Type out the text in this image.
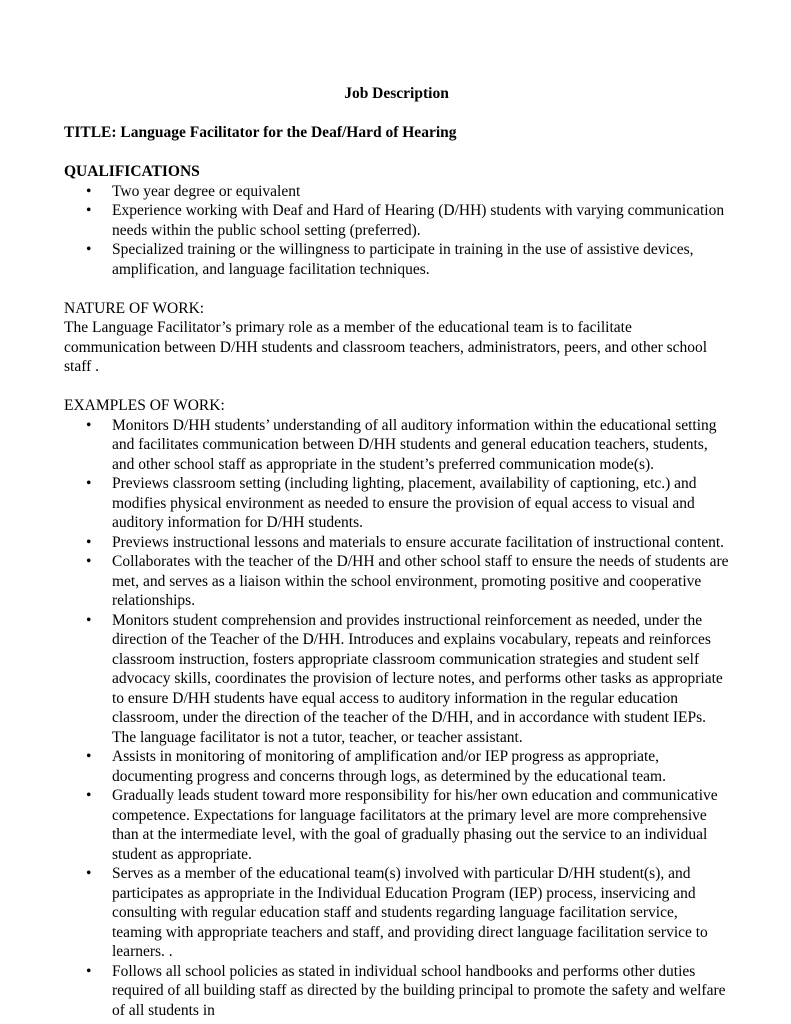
Job Description

TITLE: Language Facilitator for the Deaf/Hard of Hearing

QUALIFICATIONS
• Two year degree or equivalent
• Experience working with Deaf and Hard of Hearing (D/HH) students with varying communication needs within the public school setting (preferred).
• Specialized training or the willingness to participate in training in the use of assistive devices, amplification, and language facilitation techniques.
NATURE OF WORK:

The Language Facilitator’s primary role as a member of the educational team is to facilitate communication between D/HH students and classroom teachers, administrators, peers, and other school staff .

EXAMPLES OF WORK:
• Monitors D/HH students’ understanding of all auditory information within the educational setting and facilitates communication between D/HH students and general education teachers, students, and other school staff as appropriate in the student’s preferred communication mode(s).
• Previews classroom setting (including lighting, placement, availability of captioning, etc.) and modifies physical environment as needed to ensure the provision of equal access to visual and auditory information for D/HH students.
• Previews instructional lessons and materials to ensure accurate facilitation of instructional content.
• Collaborates with the teacher of the D/HH and other school staff to ensure the needs of students are met, and serves as a liaison within the school environment, promoting positive and cooperative relationships.
• Monitors student comprehension and provides instructional reinforcement as needed, under the direction of the Teacher of the D/HH. Introduces and explains vocabulary, repeats and reinforces classroom instruction, fosters appropriate classroom communication strategies and student self advocacy skills, coordinates the provision of lecture notes, and performs other tasks as appropriate to ensure D/HH students have equal access to auditory information in the regular education classroom, under the direction of the teacher of the D/HH, and in accordance with student IEPs. The language facilitator is not a tutor, teacher, or teacher assistant.
• Assists in monitoring of monitoring of amplification and/or IEP progress as appropriate, documenting progress and concerns through logs, as determined by the educational team.
• Gradually leads student toward more responsibility for his/her own education and communicative competence. Expectations for language facilitators at the primary level are more comprehensive than at the intermediate level, with the goal of gradually phasing out the service to an individual student as appropriate.
• Serves as a member of the educational team(s) involved with particular D/HH student(s), and participates as appropriate in the Individual Education Program (IEP) process, inservicing and consulting with regular education staff and students regarding language facilitation service, teaming with appropriate teachers and staff, and providing direct language facilitation service to learners. .
• Follows all school policies as stated in individual school handbooks and performs other duties required of all building staff as directed by the building principal to promote the safety and welfare of all students in
